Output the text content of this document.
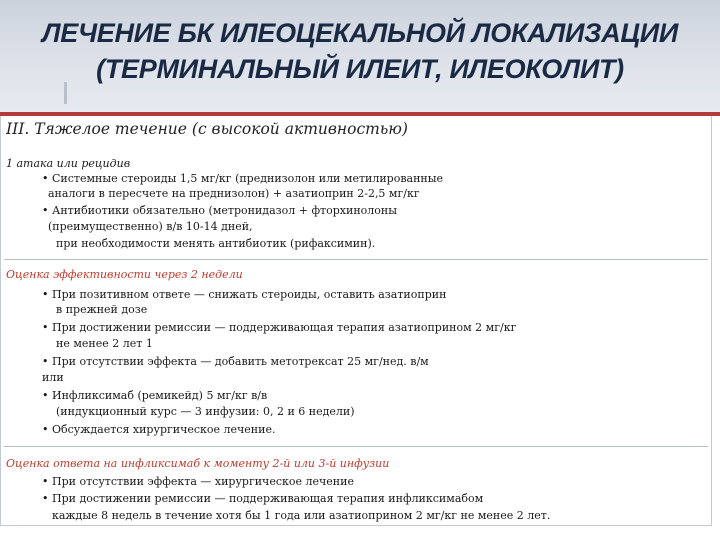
ЛЕЧЕНИЕ БК ИЛЕОЦЕКАЛЬНОЙ ЛОКАЛИЗАЦИИ
(ТЕРМИНАЛЬНЫЙ ИЛЕИТ, ИЛЕОКОЛИТ)
III. Тяжелое течение (с высокой активностью)
1 атака или рецидив
• Системные стероиды 1,5 мг/кг (преднизолон или метилированные
аналоги в пересчете на преднизолон) + азатиоприн 2-2,5 мг/кг
• Антибиотики обязательно (метронидазол + фторхинолоны
(преимущественно) в/в 10-14 дней,
при необходимости менять антибиотик (рифаксимин).
Оценка эффективности через 2 недели
• При позитивном ответе — снижать стероиды, оставить азатиоприн
в прежней дозе
• При достижении ремиссии — поддерживающая терапия азатиоприном 2 мг/кг
не менее 2 лет 1
• При отсутствии эффекта — добавить метотрексат 25 мг/нед. в/м
или
• Инфликсимаб (ремикейд) 5 мг/кг в/в
(индукционный курс — 3 инфузии: 0, 2 и 6 недели)
• Обсуждается хирургическое лечение.
Оценка ответа на инфликсимаб к моменту 2-й или 3-й инфузии
• При отсутствии эффекта — хирургическое лечение
• При достижении ремиссии — поддерживающая терапия инфликсимабом
каждые 8 недель в течение хотя бы 1 года или азатиоприном 2 мг/кг не менее 2 лет.
